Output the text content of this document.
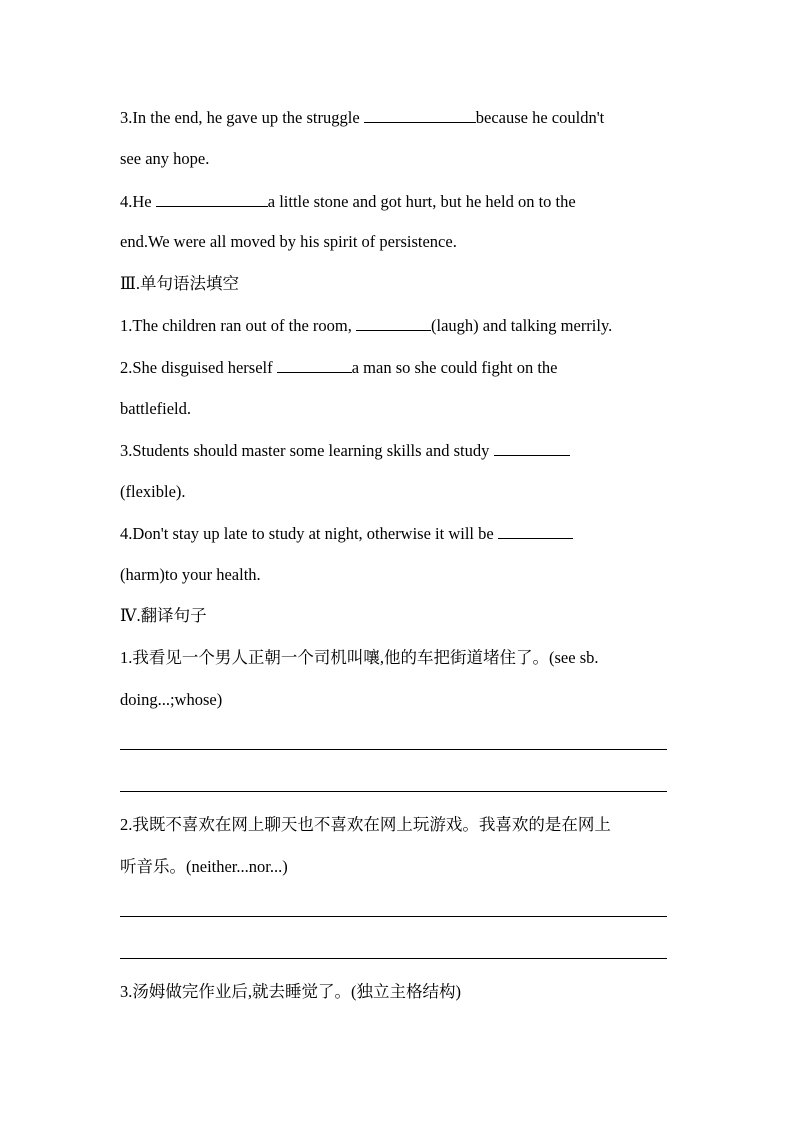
3.In the end, he gave up the struggle	because he couldn't
see any hope.
4.He	a little stone and got hurt, but he held on to the
end.We were all moved by his spirit of persistence.
Ⅲ.单句语法填空
1.The children ran out of the room,	(laugh) and talking merrily.
2.She disguised herself	a man so she could fight on the
battlefield.
3.Students should master some learning skills and study
(flexible).
4.Don't stay up late to study at night, otherwise it will be
(harm)to your health.
Ⅳ.翻译句子
1.我看见一个男人正朝一个司机叫嚷,他的车把街道堵住了。(see sb.
doing...;whose)
2.我既不喜欢在网上聊天也不喜欢在网上玩游戏。我喜欢的是在网上
听音乐。(neither...nor...)
3.汤姆做完作业后,就去睡觉了。(独立主格结构)
